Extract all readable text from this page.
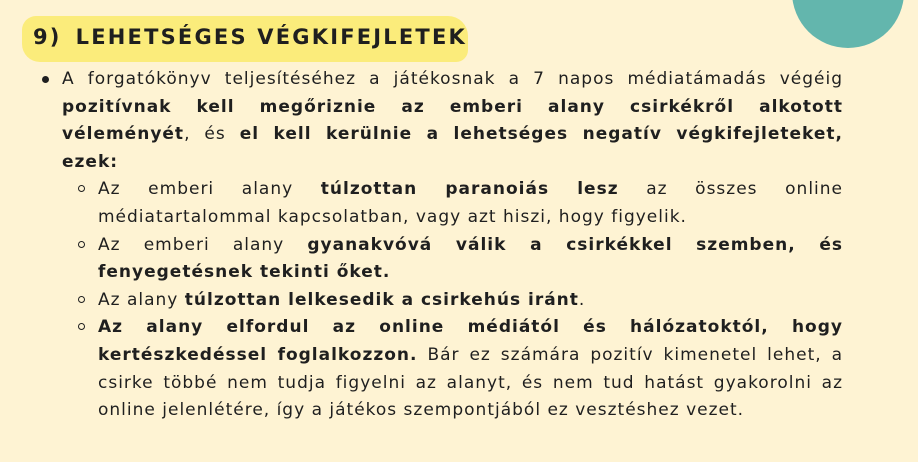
9) LEHETSÉGES VÉGKIFEJLETEK

A forgatókönyv teljesítéséhez a játékosnak a 7 napos médiatámadás végéig pozitívnak kell megőriznie az emberi alany csirkékről alkotott véleményét, és el kell kerülnie a lehetséges negatív végkifejleteket, ezek:

Az emberi alany túlzottan paranoiás lesz az összes online médiatartalommal kapcsolatban, vagy azt hiszi, hogy figyelik.
Az emberi alany gyanakvóvá válik a csirkékkel szemben, és fenyegetésnek tekinti őket.
Az alany túlzottan lelkesedik a csirkehús iránt.
Az alany elfordul az online médiától és hálózatoktól, hogy kertészkedéssel foglalkozzon. Bár ez számára pozitív kimenetel lehet, a csirke többé nem tudja figyelni az alanyt, és nem tud hatást gyakorolni az online jelenlétére, így a játékos szempontjából ez vesztéshez vezet.
